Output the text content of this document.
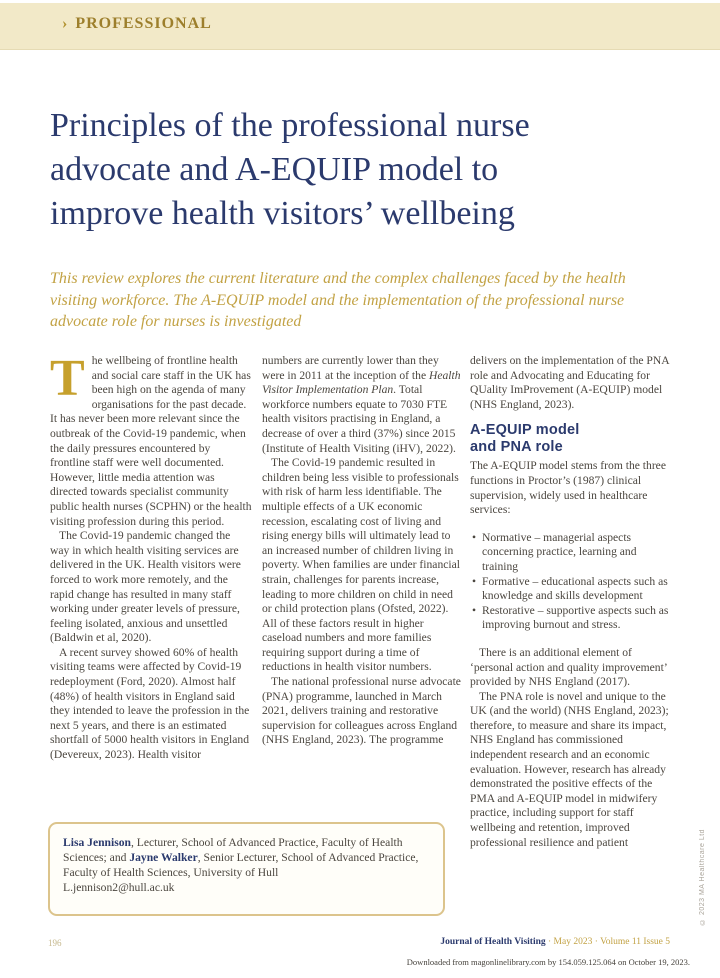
› PROFESSIONAL
Principles of the professional nurse
advocate and A-EQUIP model to
improve health visitors’ wellbeing

This review explores the current literature and the complex challenges faced by the health visiting workforce. The A-EQUIP model and the implementation of the professional nurse advocate role for nurses is investigated

The wellbeing of frontline health and social care staff in the UK has been high on the agenda of many organisations for the past decade. It has never been more relevant since the outbreak of the Covid-19 pandemic, when the daily pressures encountered by frontline staff were well documented. However, little media attention was directed towards specialist community public health nurses (SCPHN) or the health visiting profession during this period.

The Covid-19 pandemic changed the way in which health visiting services are delivered in the UK. Health visitors were forced to work more remotely, and the rapid change has resulted in many staff working under greater levels of pressure, feeling isolated, anxious and unsettled (Baldwin et al, 2020).

A recent survey showed 60% of health visiting teams were affected by Covid-19 redeployment (Ford, 2020). Almost half (48%) of health visitors in England said they intended to leave the profession in the next 5 years, and there is an estimated shortfall of 5000 health visitors in England (Devereux, 2023). Health visitor

numbers are currently lower than they were in 2011 at the inception of the Health Visitor Implementation Plan. Total workforce numbers equate to 7030 FTE health visitors practising in England, a decrease of over a third (37%) since 2015 (Institute of Health Visiting (iHV), 2022).

The Covid-19 pandemic resulted in children being less visible to professionals with risk of harm less identifiable. The multiple effects of a UK economic recession, escalating cost of living and rising energy bills will ultimately lead to an increased number of children living in poverty. When families are under financial strain, challenges for parents increase, leading to more children on child in need or child protection plans (Ofsted, 2022). All of these factors result in higher caseload numbers and more families requiring support during a time of reductions in health visitor numbers.

The national professional nurse advocate (PNA) programme, launched in March 2021, delivers training and restorative supervision for colleagues across England (NHS England, 2023). The programme

delivers on the implementation of the PNA role and Advocating and Educating for QUality ImProvement (A-EQUIP) model (NHS England, 2023).

A-EQUIP model
and PNA role

The A-EQUIP model stems from the three functions in Proctor’s (1987) clinical supervision, widely used in healthcare services:

• Normative – managerial aspects concerning practice, learning and training
• Formative – educational aspects such as knowledge and skills development
• Restorative – supportive aspects such as improving burnout and stress.

There is an additional element of ‘personal action and quality improvement’ provided by NHS England (2017).

The PNA role is novel and unique to the UK (and the world) (NHS England, 2023); therefore, to measure and share its impact, NHS England has commissioned independent research and an economic evaluation. However, research has already demonstrated the positive effects of the PMA and A-EQUIP model in midwifery practice, including support for staff wellbeing and retention, improved professional resilience and patient

Lisa Jennison, Lecturer, School of Advanced Practice, Faculty of Health Sciences; and Jayne Walker, Senior Lecturer, School of Advanced Practice, Faculty of Health Sciences, University of Hull
L.jennison2@hull.ac.uk
196	Journal of Health Visiting · May 2023 · Volume 11 Issue 5
Downloaded from magonlinelibrary.com by 154.059.125.064 on October 19, 2023.
© 2023 MA Healthcare Ltd
